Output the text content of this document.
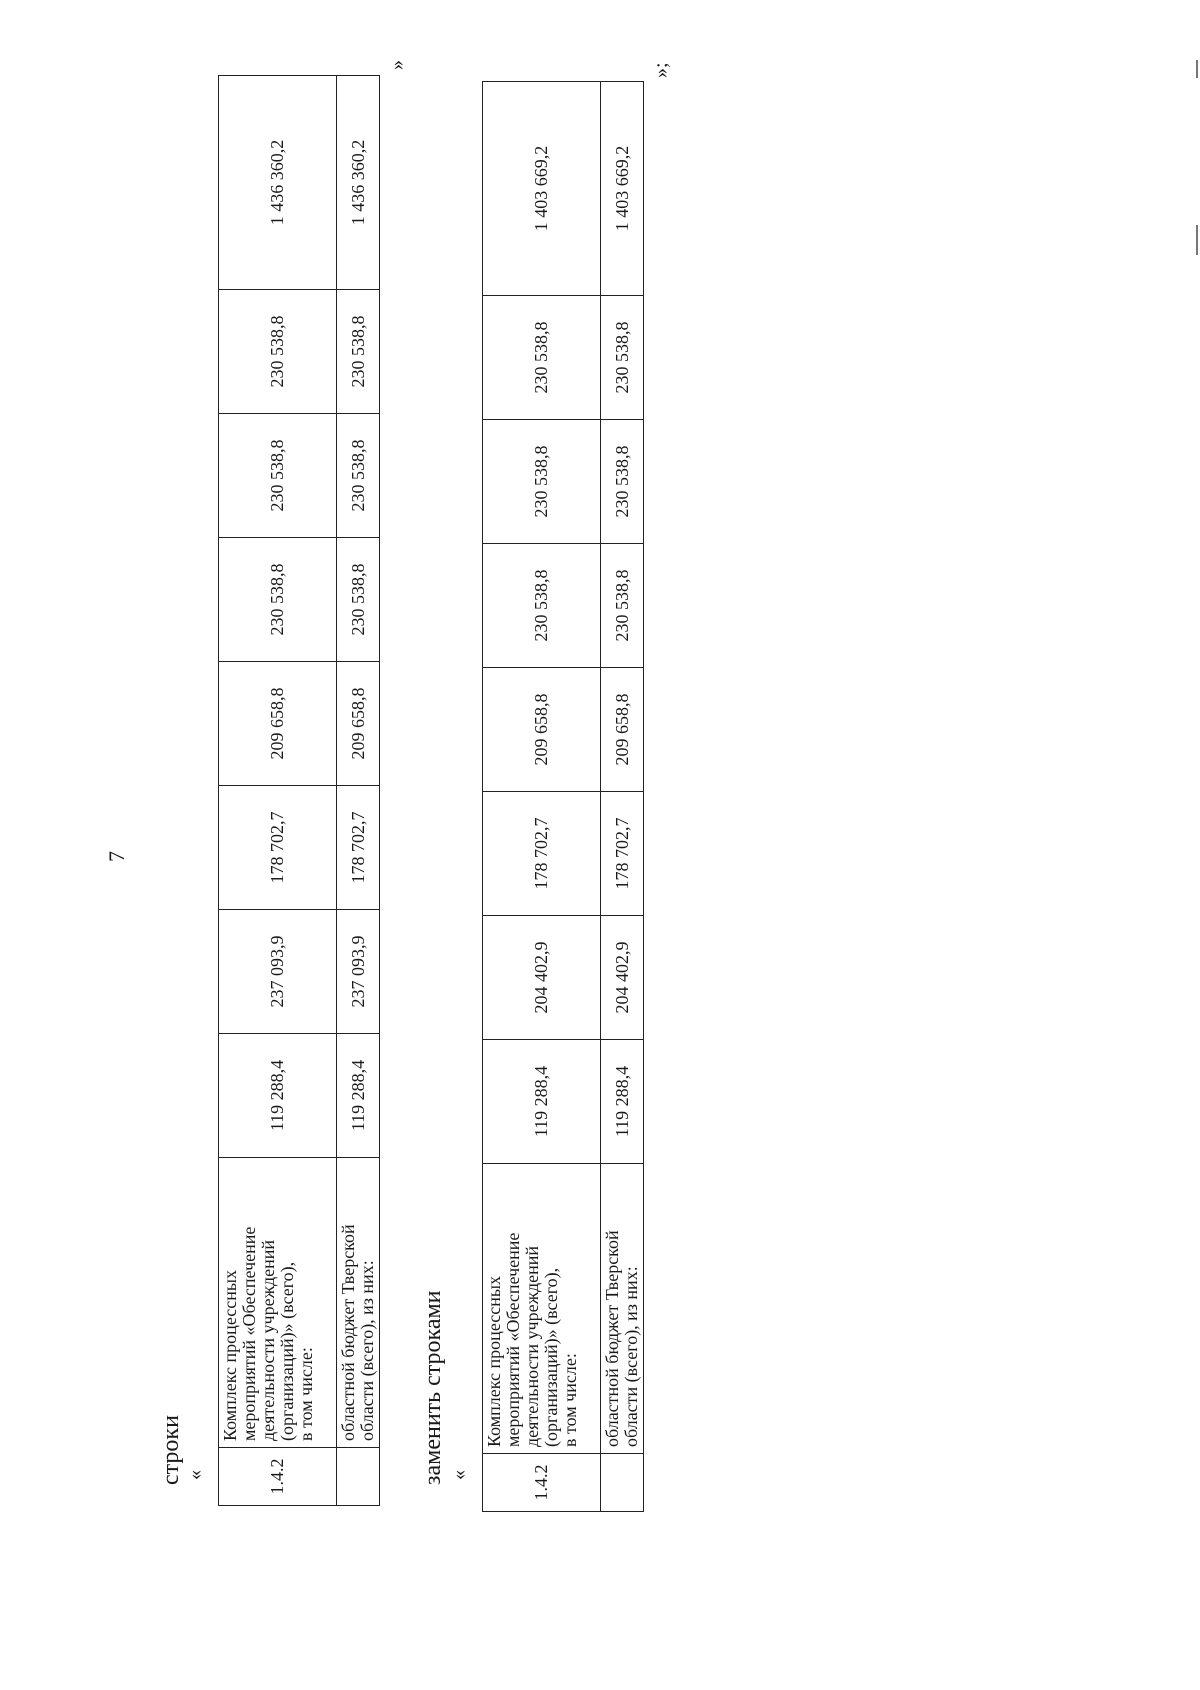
7
строки «	1.4.2	Комплекс процессных мероприятий «Обеспечение деятельности учреждений (организаций)» (всего), в том числе:	119 288,4	237 093,9	178 702,7	209 658,8	230 538,8	230 538,8	230 538,8	1 436 360,2

	областной бюджет Тверской области (всего), из них:	119 288,4	237 093,9	178 702,7	209 658,8	230 538,8	230 538,8	230 538,8	1 436 360,2
»
заменить строками «	1.4.2	Комплекс процессных мероприятий «Обеспечение деятельности учреждений (организаций)» (всего), в том числе:	119 288,4	204 402,9	178 702,7	209 658,8	230 538,8	230 538,8	230 538,8	1 403 669,2

	областной бюджет Тверской области (всего), из них:	119 288,4	204 402,9	178 702,7	209 658,8	230 538,8	230 538,8	230 538,8	1 403 669,2
»;
